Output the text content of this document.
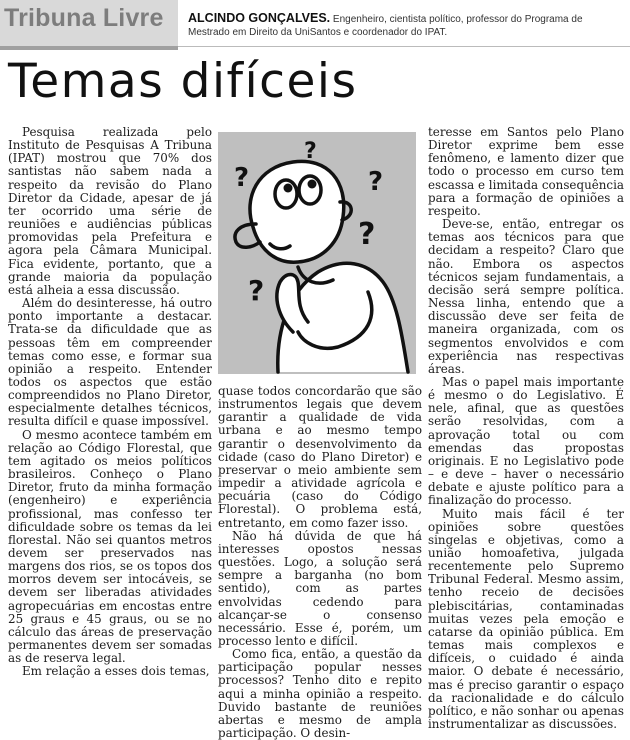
Tribuna Livre ALCINDO GONÇALVES. Engenheiro, cientista político, professor do Programa de Mestrado em Direito da UniSantos e coordenador do IPAT.
Temas difíceis

Pesquisa realizada pelo Instituto de Pesquisas A Tribuna (IPAT) mostrou que 70% dos santistas não sabem nada a respeito da revisão do Plano Diretor da Cidade, apesar de já ter ocorrido uma série de reuniões e audiências públicas promovidas pela Prefeitura e agora pela Câmara Municipal. Fica evidente, portanto, que a grande maioria da população está alheia a essa discussão.

Além do desinteresse, há outro ponto importante a destacar. Trata-se da dificuldade que as pessoas têm em compreender temas como esse, e formar sua opinião a respeito. Entender todos os aspectos que estão compreendidos no Plano Diretor, especialmente detalhes técnicos, resulta difícil e quase impossível.

O mesmo acontece também em relação ao Código Florestal, que tem agitado os meios políticos brasileiros. Conheço o Plano Diretor, fruto da minha formação (engenheiro) e experiência profissional, mas confesso ter dificuldade sobre os temas da lei florestal. Não sei quantos metros devem ser preservados nas margens dos rios, se os topos dos morros devem ser intocáveis, se devem ser liberadas atividades agropecuárias em encostas entre 25 graus e 45 graus, ou se no cálculo das áreas de preservação permanentes devem ser somadas as de reserva legal.

Em relação a esses dois temas,

?
?	?
?
?

quase todos concordarão que são instrumentos legais que devem garantir a qualidade de vida urbana e ao mesmo tempo garantir o desenvolvimento da cidade (caso do Plano Diretor) e preservar o meio ambiente sem impedir a atividade agrícola e pecuária (caso do Código Florestal). O problema está, entretanto, em como fazer isso.

Não há dúvida de que há interesses opostos nessas questões. Logo, a solução será sempre a barganha (no bom sentido), com as partes envolvidas cedendo para alcançar-se o consenso necessário. Esse é, porém, um processo lento e difícil.

Como fica, então, a questão da participação popular nesses processos? Tenho dito e repito aqui a minha opinião a respeito. Duvido bastante de reuniões abertas e mesmo de ampla participação. O desin-

teresse em Santos pelo Plano Diretor exprime bem esse fenômeno, e lamento dizer que todo o processo em curso tem escassa e limitada consequência para a formação de opiniões a respeito.

Deve-se, então, entregar os temas aos técnicos para que decidam a respeito? Claro que não. Embora os aspectos técnicos sejam fundamentais, a decisão será sempre política. Nessa linha, entendo que a discussão deve ser feita de maneira organizada, com os segmentos envolvidos e com experiência nas respectivas áreas.

Mas o papel mais importante é mesmo o do Legislativo. É nele, afinal, que as questões serão resolvidas, com a aprovação total ou com emendas das propostas originais. E no Legislativo pode – e deve – haver o necessário debate e ajuste político para a finalização do processo.

Muito mais fácil é ter opiniões sobre questões singelas e objetivas, como a união homoafetiva, julgada recentemente pelo Supremo Tribunal Federal. Mesmo assim, tenho receio de decisões plebiscitárias, contaminadas muitas vezes pela emoção e catarse da opinião pública. Em temas mais complexos e difíceis, o cuidado é ainda maior. O debate é necessário, mas é preciso garantir o espaço da racionalidade e do cálculo político, e não sonhar ou apenas instrumentalizar as discussões.
